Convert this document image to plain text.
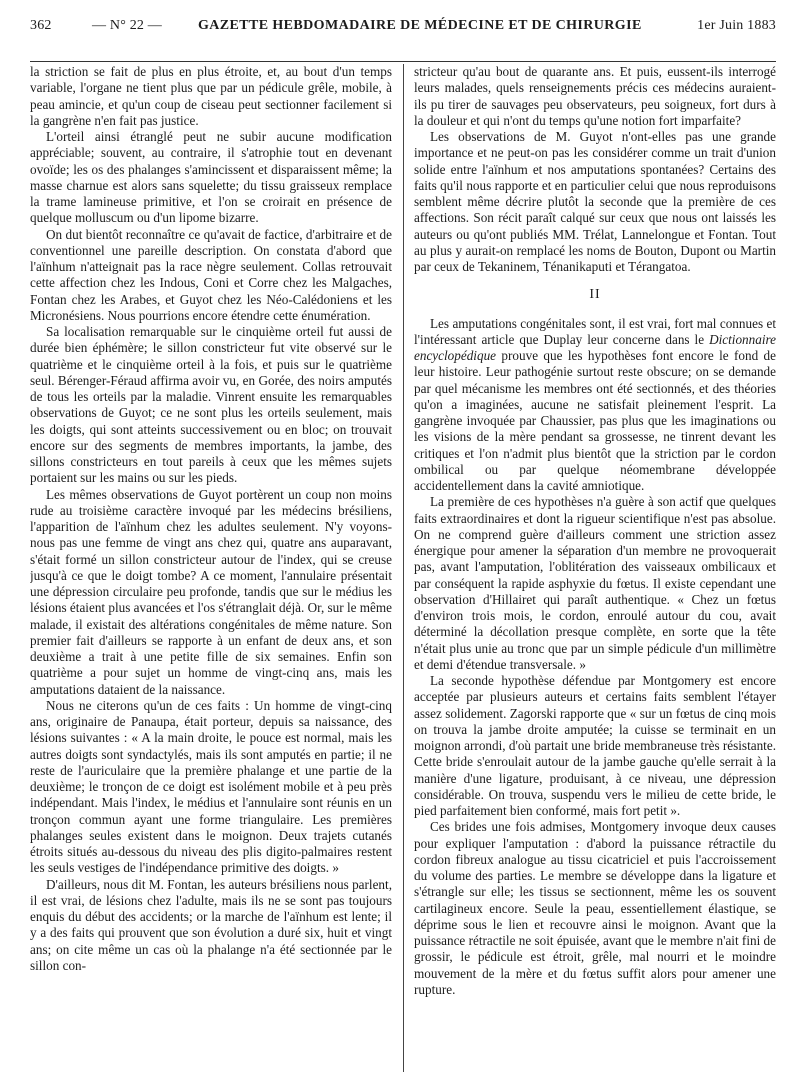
362	— N° 22 —	GAZETTE HEBDOMADAIRE DE MÉDECINE ET DE CHIRURGIE	1er Juin 1883

la striction se fait de plus en plus étroite, et, au bout d'un temps variable, l'organe ne tient plus que par un pédicule grêle, mobile, à peau amincie, et qu'un coup de ciseau peut sectionner facilement si la gangrène n'en fait pas justice.

L'orteil ainsi étranglé peut ne subir aucune modification appréciable; souvent, au contraire, il s'atrophie tout en devenant ovoïde; les os des phalanges s'amincissent et disparaissent même; la masse charnue est alors sans squelette; du tissu graisseux remplace la trame lamineuse primitive, et l'on se croirait en présence de quelque molluscum ou d'un lipome bizarre.

On dut bientôt reconnaître ce qu'avait de factice, d'arbitraire et de conventionnel une pareille description. On constata d'abord que l'aïnhum n'atteignait pas la race nègre seulement. Collas retrouvait cette affection chez les Indous, Coni et Corre chez les Malgaches, Fontan chez les Arabes, et Guyot chez les Néo-Calédoniens et les Micronésiens. Nous pourrions encore étendre cette énumération.

Sa localisation remarquable sur le cinquième orteil fut aussi de durée bien éphémère; le sillon constricteur fut vite observé sur le quatrième et le cinquième orteil à la fois, et puis sur le quatrième seul. Bérenger-Féraud affirma avoir vu, en Gorée, des noirs amputés de tous les orteils par la maladie. Vinrent ensuite les remarquables observations de Guyot; ce ne sont plus les orteils seulement, mais les doigts, qui sont atteints successivement ou en bloc; on trouvait encore sur des segments de membres importants, la jambe, des sillons constricteurs en tout pareils à ceux que les mêmes sujets portaient sur les mains ou sur les pieds.

Les mêmes observations de Guyot portèrent un coup non moins rude au troisième caractère invoqué par les médecins brésiliens, l'apparition de l'aïnhum chez les adultes seulement. N'y voyons-nous pas une femme de vingt ans chez qui, quatre ans auparavant, s'était formé un sillon constricteur autour de l'index, qui se creuse jusqu'à ce que le doigt tombe? A ce moment, l'annulaire présentait une dépression circulaire peu profonde, tandis que sur le médius les lésions étaient plus avancées et l'os s'étranglait déjà. Or, sur le même malade, il existait des altérations congénitales de même nature. Son premier fait d'ailleurs se rapporte à un enfant de deux ans, et son deuxième a trait à une petite fille de six semaines. Enfin son quatrième a pour sujet un homme de vingt-cinq ans, mais les amputations dataient de la naissance.

Nous ne citerons qu'un de ces faits : Un homme de vingt-cinq ans, originaire de Panaupa, était porteur, depuis sa naissance, des lésions suivantes : « A la main droite, le pouce est normal, mais les autres doigts sont syndactylés, mais ils sont amputés en partie; il ne reste de l'auriculaire que la première phalange et une partie de la deuxième; le tronçon de ce doigt est isolément mobile et à peu près indépendant. Mais l'index, le médius et l'annulaire sont réunis en un tronçon commun ayant une forme triangulaire. Les premières phalanges seules existent dans le moignon. Deux trajets cutanés étroits situés au-dessous du niveau des plis digito-palmaires restent les seuls vestiges de l'indépendance primitive des doigts. »

D'ailleurs, nous dit M. Fontan, les auteurs brésiliens nous parlent, il est vrai, de lésions chez l'adulte, mais ils ne se sont pas toujours enquis du début des accidents; or la marche de l'aïnhum est lente; il y a des faits qui prouvent que son évolution a duré six, huit et vingt ans; on cite même un cas où la phalange n'a été sectionnée par le sillon con-

stricteur qu'au bout de quarante ans. Et puis, eussent-ils interrogé leurs malades, quels renseignements précis ces médecins auraient-ils pu tirer de sauvages peu observateurs, peu soigneux, fort durs à la douleur et qui n'ont du temps qu'une notion fort imparfaite?

Les observations de M. Guyot n'ont-elles pas une grande importance et ne peut-on pas les considérer comme un trait d'union solide entre l'aïnhum et nos amputations spontanées? Certains des faits qu'il nous rapporte et en particulier celui que nous reproduisons semblent même décrire plutôt la seconde que la première de ces affections. Son récit paraît calqué sur ceux que nous ont laissés les auteurs ou qu'ont publiés MM. Trélat, Lannelongue et Fontan. Tout au plus y aurait-on remplacé les noms de Bouton, Dupont ou Martin par ceux de Tekaninem, Ténanikaputi et Térangatoa.

II

Les amputations congénitales sont, il est vrai, fort mal connues et l'intéressant article que Duplay leur concerne dans le Dictionnaire encyclopédique prouve que les hypothèses font encore le fond de leur histoire. Leur pathogénie surtout reste obscure; on se demande par quel mécanisme les membres ont été sectionnés, et des théories qu'on a imaginées, aucune ne satisfait pleinement l'esprit. La gangrène invoquée par Chaussier, pas plus que les imaginations ou les visions de la mère pendant sa grossesse, ne tinrent devant les critiques et l'on n'admit plus bientôt que la striction par le cordon ombilical ou par quelque néomembrane développée accidentellement dans la cavité amniotique.

La première de ces hypothèses n'a guère à son actif que quelques faits extraordinaires et dont la rigueur scientifique n'est pas absolue. On ne comprend guère d'ailleurs comment une striction assez énergique pour amener la séparation d'un membre ne provoquerait pas, avant l'amputation, l'oblitération des vaisseaux ombilicaux et par conséquent la rapide asphyxie du fœtus. Il existe cependant une observation d'Hillairet qui paraît authentique. « Chez un fœtus d'environ trois mois, le cordon, enroulé autour du cou, avait déterminé la décollation presque complète, en sorte que la tête n'était plus unie au tronc que par un simple pédicule d'un millimètre et demi d'étendue transversale. »

La seconde hypothèse défendue par Montgomery est encore acceptée par plusieurs auteurs et certains faits semblent l'étayer assez solidement. Zagorski rapporte que « sur un fœtus de cinq mois on trouva la jambe droite amputée; la cuisse se terminait en un moignon arrondi, d'où partait une bride membraneuse très résistante. Cette bride s'enroulait autour de la jambe gauche qu'elle serrait à la manière d'une ligature, produisant, à ce niveau, une dépression considérable. On trouva, suspendu vers le milieu de cette bride, le pied parfaitement bien conformé, mais fort petit ».

Ces brides une fois admises, Montgomery invoque deux causes pour expliquer l'amputation : d'abord la puissance rétractile du cordon fibreux analogue au tissu cicatriciel et puis l'accroissement du volume des parties. Le membre se développe dans la ligature et s'étrangle sur elle; les tissus se sectionnent, même les os souvent cartilagineux encore. Seule la peau, essentiellement élastique, se déprime sous le lien et recouvre ainsi le moignon. Avant que la puissance rétractile ne soit épuisée, avant que le membre n'ait fini de grossir, le pédicule est étroit, grêle, mal nourri et le moindre mouvement de la mère et du fœtus suffit alors pour amener une rupture.
